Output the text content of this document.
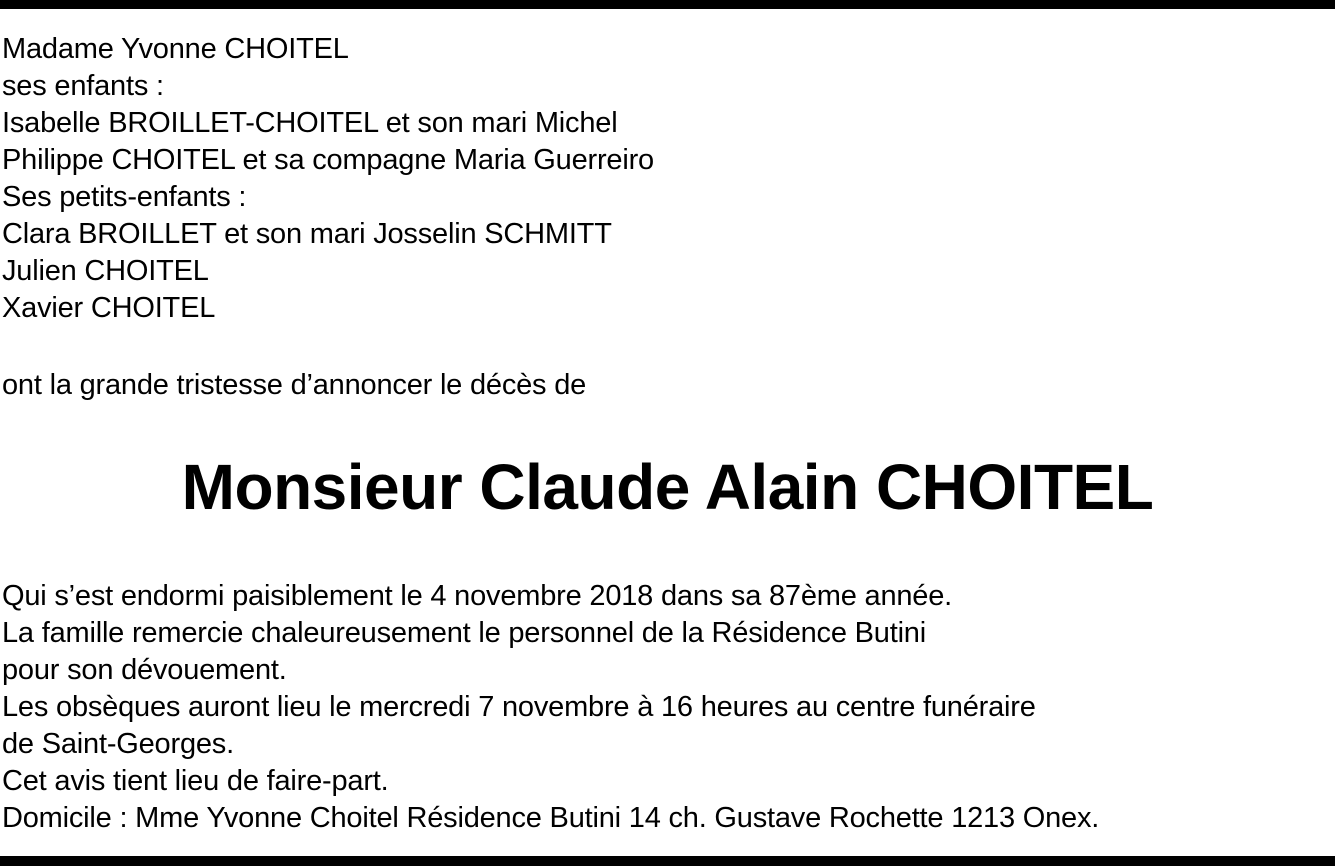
Madame Yvonne CHOITEL
ses enfants :
Isabelle BROILLET-CHOITEL et son mari Michel
Philippe CHOITEL et sa compagne Maria Guerreiro
Ses petits-enfants :
Clara BROILLET et son mari Josselin SCHMITT
Julien CHOITEL
Xavier CHOITEL
ont la grande tristesse d’annoncer le décès de
Monsieur Claude Alain CHOITEL
Qui s’est endormi paisiblement le 4 novembre 2018 dans sa 87ème année.
La famille remercie chaleureusement le personnel de la Résidence Butini
pour son dévouement.
Les obsèques auront lieu le mercredi 7 novembre à 16 heures au centre funéraire
de Saint-Georges.
Cet avis tient lieu de faire-part.
Domicile : Mme Yvonne Choitel Résidence Butini 14 ch. Gustave Rochette 1213 Onex.
